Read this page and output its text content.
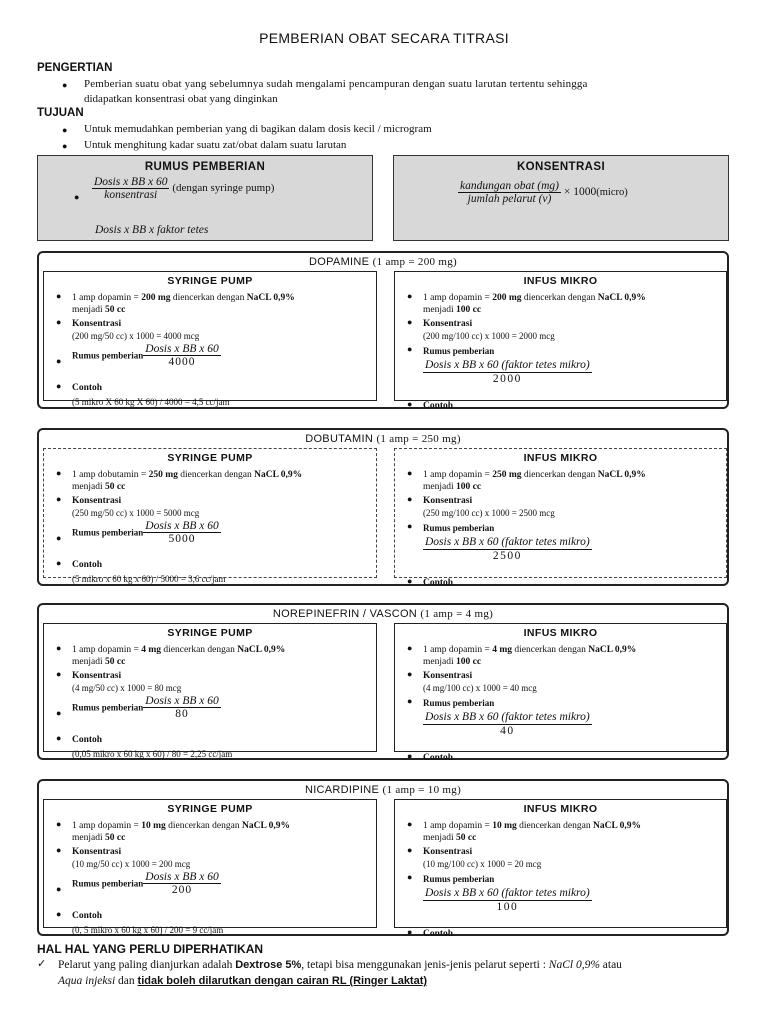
PEMBERIAN OBAT SECARA TITRASI
PENGERTIAN
● Pemberian suatu obat yang sebelumnya sudah mengalami pencampuran dengan suatu larutan tertentu sehingga
didapatkan konsentrasi obat yang dinginkan
TUJUAN
● Untuk memudahkan pemberian yang di bagikan dalam dosis kecil / microgram
● Untuk menghitung kadar suatu zat/obat dalam suatu larutan
RUMUS PEMBERIAN
● $\frac{\text{Dosis x BB x 60}}{\text{konsentrasi}}$ (dengan syringe pump)
Dosis x BB x faktor tetes
KONSENTRASI
$\frac{\text{kandungan obat (mg)}}{\text{jumlah pelarut (v)}}$ × 1000(micro)
DOPAMINE (1 amp = 200 mg)
SYRINGE PUMP
● 1 amp dopamin = 200 mg diencerkan dengan NaCL 0,9%
menjadi 50 cc
● Konsentrasi
(200 mg/50 cc) x 1000 = 4000 mcg
●
Rumus pemberian $\frac{\text{Dosis x BB x 60}}{4000}$
● Contoh
(5 mikro X 60 kg X 60) / 4000 = 4,5 cc/jam
INFUS MIKRO
● 1 amp dopamin = 200 mg diencerkan dengan NaCL 0,9%
menjadi 100 cc
● Konsentrasi
(200 mg/100 cc) x 1000 = 2000 mcg
● Rumus pemberian
$\frac{\text{Dosis x BB x 60 (faktor tetes mikro)}}{2000}$
● Contoh
DOBUTAMIN (1 amp = 250 mg)
SYRINGE PUMP
● 1 amp dobutamin = 250 mg diencerkan dengan NaCL 0,9%
menjadi 50 cc
● Konsentrasi
(250 mg/50 cc) x 1000 = 5000 mcg
●
Rumus pemberian $\frac{\text{Dosis x BB x 60}}{5000}$
● Contoh
(5 mikro x 60 kg x 60) / 5000 = 3,6 cc/jam
INFUS MIKRO
● 1 amp dopamin = 250 mg diencerkan dengan NaCL 0,9%
menjadi 100 cc
● Konsentrasi
(250 mg/100 cc) x 1000 = 2500 mcg
● Rumus pemberian
$\frac{\text{Dosis x BB x 60 (faktor tetes mikro)}}{2500}$
● Contoh
NOREPINEFRIN / VASCON (1 amp = 4 mg)
SYRINGE PUMP
● 1 amp dopamin = 4 mg diencerkan dengan NaCL 0,9%
menjadi 50 cc
● Konsentrasi
(4 mg/50 cc) x 1000 = 80 mcg
●
Rumus pemberian $\frac{\text{Dosis x BB x 60}}{80}$
● Contoh
(0,05 mikro x 60 kg x 60) / 80 = 2,25 cc/jam
INFUS MIKRO
● 1 amp dopamin = 4 mg diencerkan dengan NaCL 0,9%
menjadi 100 cc
● Konsentrasi
(4 mg/100 cc) x 1000 = 40 mcg
● Rumus pemberian
$\frac{\text{Dosis x BB x 60 (faktor tetes mikro)}}{40}$
● Contoh
NICARDIPINE (1 amp = 10 mg)
SYRINGE PUMP
● 1 amp dopamin = 10 mg diencerkan dengan NaCL 0,9%
menjadi 50 cc
● Konsentrasi
(10 mg/50 cc) x 1000 = 200 mcg
●
Rumus pemberian $\frac{\text{Dosis x BB x 60}}{200}$
● Contoh
(0, 5 mikro x 60 kg x 60) / 200 = 9 cc/jam
INFUS MIKRO
● 1 amp dopamin = 10 mg diencerkan dengan NaCL 0,9%
menjadi 50 cc
● Konsentrasi
(10 mg/100 cc) x 1000 = 20 mcg
● Rumus pemberian
$\frac{\text{Dosis x BB x 60 (faktor tetes mikro)}}{100}$
● Contoh
HAL HAL YANG PERLU DIPERHATIKAN
✓ Pelarut yang paling dianjurkan adalah Dextrose 5%, tetapi bisa menggunakan jenis-jenis pelarut seperti : NaCl 0,9% atau
Aqua injeksi dan tidak boleh dilarutkan dengan cairan RL (Ringer Laktat)
